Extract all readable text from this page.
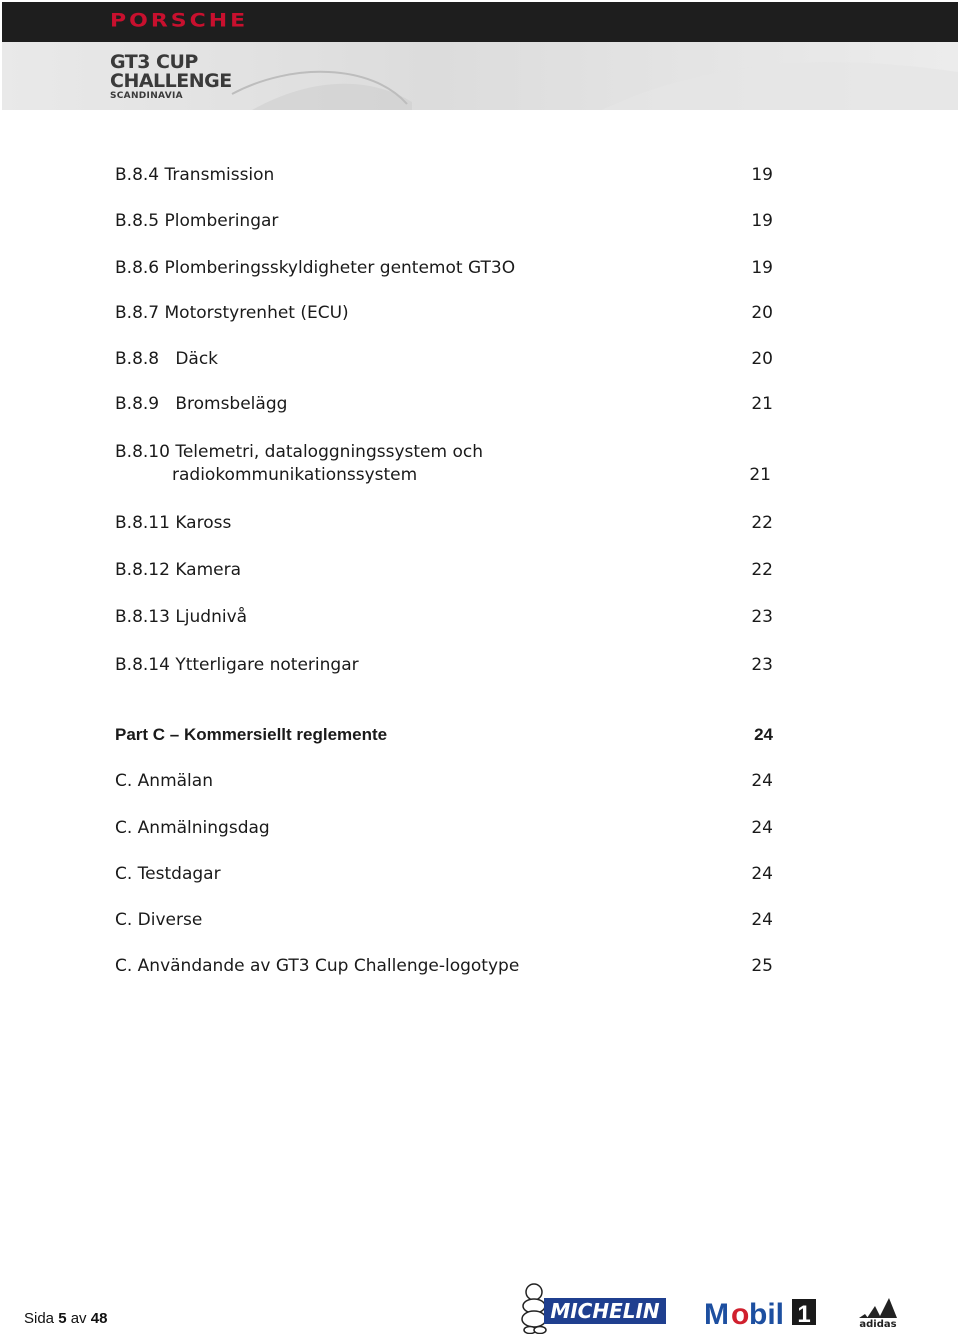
PORSCHE
GT3 CUP
CHALLENGE
SCANDINAVIA
B.8.4 Transmission	19
B.8.5 Plomberingar	19
B.8.6 Plomberingsskyldigheter gentemot GT3O	19
B.8.7 Motorstyrenhet (ECU)	20
B.8.8 Däck	20
B.8.9 Bromsbelägg	21
B.8.10 Telemetri, dataloggningssystem och
radiokommunikationssystem	21
B.8.11 Kaross	22
B.8.12 Kamera	22
B.8.13 Ljudnivå	23
B.8.14 Ytterligare noteringar	23
Part C – Kommersiellt reglemente	24
C. Anmälan	24
C. Anmälningsdag	24
C. Testdagar	24
C. Diverse	24
C. Användande av GT3 Cup Challenge-logotype	25
Sida 5 av 48	MICHELIN M o bil 1
Mobil 1
adidas
